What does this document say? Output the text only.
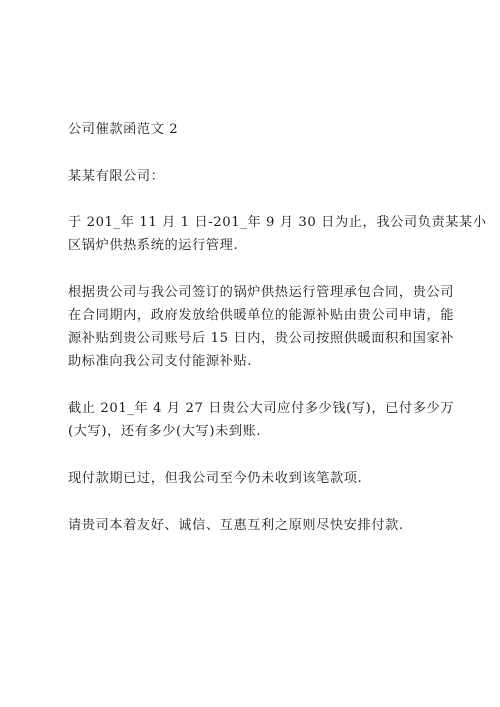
公司催款函范文 2

某某有限公司：

于 201_年 11 月 1 日-201_年 9 月 30 日为止，我公司负责某某小
区锅炉供热系统的运行管理.

根据贵公司与我公司签订的锅炉供热运行管理承包合同，贵公司
在合同期内，政府发放给供暖单位的能源补贴由贵公司申请，能
源补贴到贵公司账号后 15 日内，贵公司按照供暖面积和国家补
助标准向我公司支付能源补贴.

截止 201_年 4 月 27 日贵公大司应付多少钱(写)，已付多少万
(大写)，还有多少(大写)未到账.

现付款期已过，但我公司至今仍未收到该笔款项.

请贵司本着友好、诚信、互惠互利之原则尽快安排付款.
